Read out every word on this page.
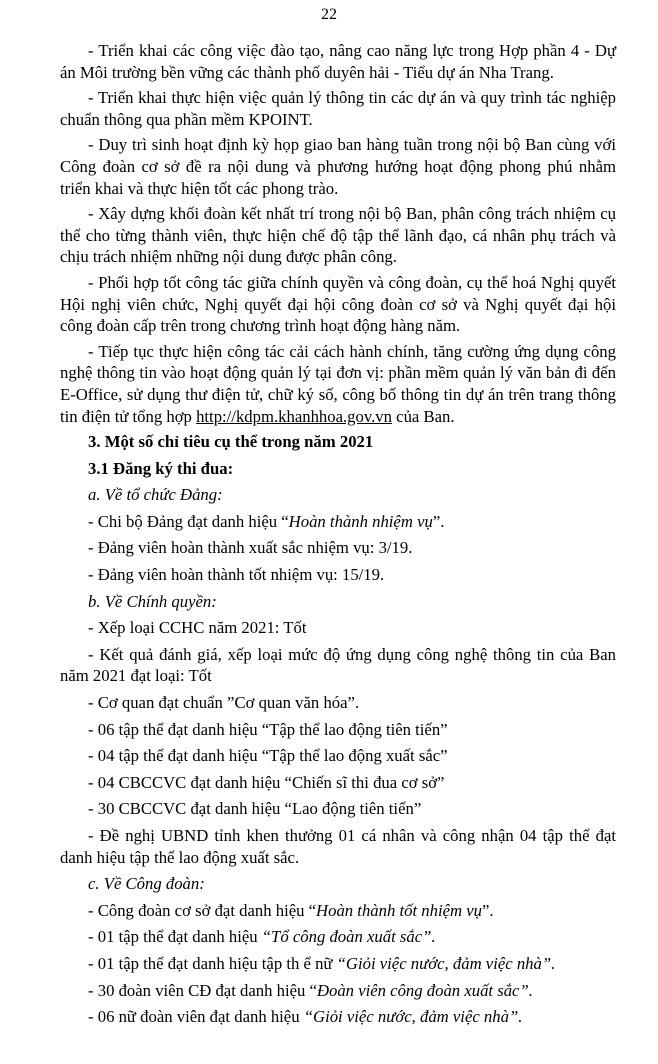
22

- Triển khai các công việc đào tạo, nâng cao năng lực trong Hợp phần 4 - Dự án Môi trường bền vững các thành phố duyên hải - Tiểu dự án Nha Trang.

- Triển khai thực hiện việc quản lý thông tin các dự án và quy trình tác nghiệp chuẩn thông qua phần mềm KPOINT.

- Duy trì sinh hoạt định kỳ họp giao ban hàng tuần trong nội bộ Ban cùng với Công đoàn cơ sở đề ra nội dung và phương hướng hoạt động phong phú nhằm triển khai và thực hiện tốt các phong trào.

- Xây dựng khối đoàn kết nhất trí trong nội bộ Ban, phân công trách nhiệm cụ thể cho từng thành viên, thực hiện chế độ tập thể lãnh đạo, cá nhân phụ trách và chịu trách nhiệm những nội dung được phân công.

- Phối hợp tốt công tác giữa chính quyền và công đoàn, cụ thể hoá Nghị quyết Hội nghị viên chức, Nghị quyết đại hội công đoàn cơ sở và Nghị quyết đại hội công đoàn cấp trên trong chương trình hoạt động hàng năm.

- Tiếp tục thực hiện công tác cải cách hành chính, tăng cường ứng dụng công nghệ thông tin vào hoạt động quản lý tại đơn vị: phần mềm quản lý văn bản đi đến E-Office, sử dụng thư điện tử, chữ ký số, công bố thông tin dự án trên trang thông tin điện tử tổng hợp http://kdpm.khanhhoa.gov.vn của Ban.

3. Một số chỉ tiêu cụ thể trong năm 2021

3.1 Đăng ký thi đua:

a. Về tổ chức Đảng:

- Chi bộ Đảng đạt danh hiệu “Hoàn thành nhiệm vụ”.

- Đảng viên hoàn thành xuất sắc nhiệm vụ: 3/19.

- Đảng viên hoàn thành tốt nhiệm vụ: 15/19.

b. Về Chính quyền:

- Xếp loại CCHC năm 2021: Tốt

- Kết quả đánh giá, xếp loại mức độ ứng dụng công nghệ thông tin của Ban năm 2021 đạt loại: Tốt

- Cơ quan đạt chuẩn ”Cơ quan văn hóa”.

- 06 tập thể đạt danh hiệu “Tập thể lao động tiên tiến”

- 04 tập thể đạt danh hiệu “Tập thể lao động xuất sắc”

- 04 CBCCVC đạt danh hiệu “Chiến sĩ thi đua cơ sở”

- 30 CBCCVC đạt danh hiệu “Lao động tiên tiến”

- Đề nghị UBND tỉnh khen thưởng 01 cá nhân và công nhận 04 tập thể đạt danh hiệu tập thể lao động xuất sắc.

c. Về Công đoàn:

- Công đoàn cơ sở đạt danh hiệu “Hoàn thành tốt nhiệm vụ”.

- 01 tập thể đạt danh hiệu “Tổ công đoàn xuất sắc”.

- 01 tập thể đạt danh hiệu tập th ể nữ “Giỏi việc nước, đảm việc nhà”.

- 30 đoàn viên CĐ đạt danh hiệu “Đoàn viên công đoàn xuất sắc”.

- 06 nữ đoàn viên đạt danh hiệu “Giỏi việc nước, đảm việc nhà”.
